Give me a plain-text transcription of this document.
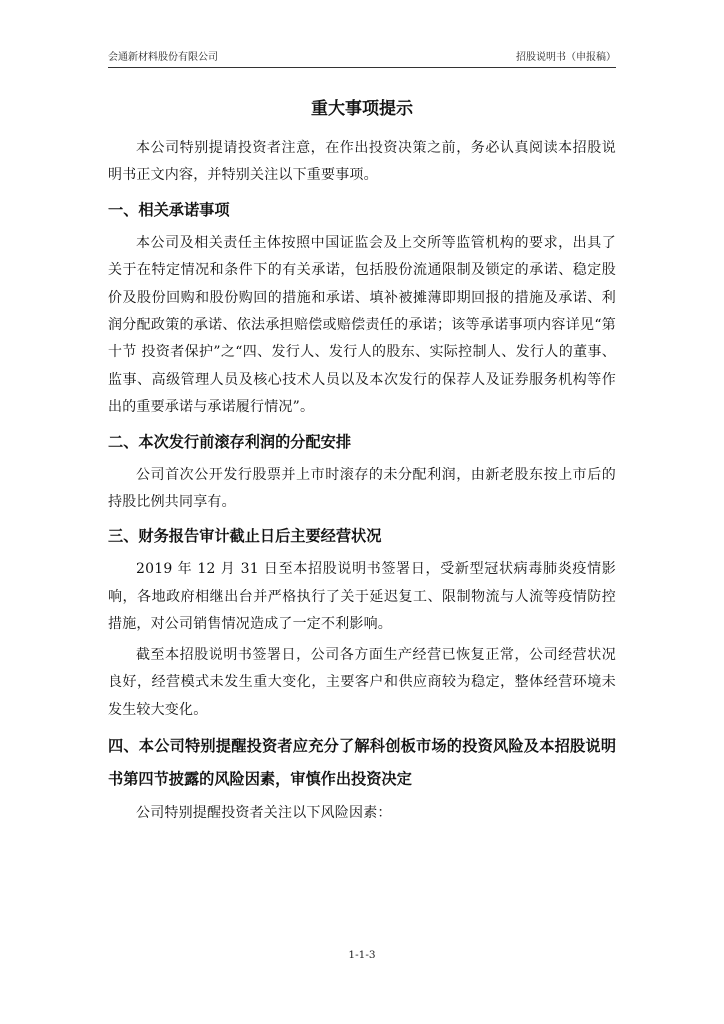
会通新材料股份有限公司	招股说明书（申报稿）
重大事项提示

本公司特别提请投资者注意，在作出投资决策之前，务必认真阅读本招股说明书正文内容，并特别关注以下重要事项。

一、相关承诺事项

本公司及相关责任主体按照中国证监会及上交所等监管机构的要求，出具了关于在特定情况和条件下的有关承诺，包括股份流通限制及锁定的承诺、稳定股价及股份回购和股份购回的措施和承诺、填补被摊薄即期回报的措施及承诺、利润分配政策的承诺、依法承担赔偿或赔偿责任的承诺；该等承诺事项内容详见“第十节 投资者保护”之“四、发行人、发行人的股东、实际控制人、发行人的董事、监事、高级管理人员及核心技术人员以及本次发行的保荐人及证券服务机构等作出的重要承诺与承诺履行情况”。

二、本次发行前滚存利润的分配安排

公司首次公开发行股票并上市时滚存的未分配利润，由新老股东按上市后的持股比例共同享有。

三、财务报告审计截止日后主要经营状况

2019 年 12 月 31 日至本招股说明书签署日，受新型冠状病毒肺炎疫情影响，各地政府相继出台并严格执行了关于延迟复工、限制物流与人流等疫情防控措施，对公司销售情况造成了一定不利影响。

截至本招股说明书签署日，公司各方面生产经营已恢复正常，公司经营状况良好，经营模式未发生重大变化，主要客户和供应商较为稳定，整体经营环境未发生较大变化。

四、本公司特别提醒投资者应充分了解科创板市场的投资风险及本招股说明书第四节披露的风险因素，审慎作出投资决定

公司特别提醒投资者关注以下风险因素：

1-1-3
